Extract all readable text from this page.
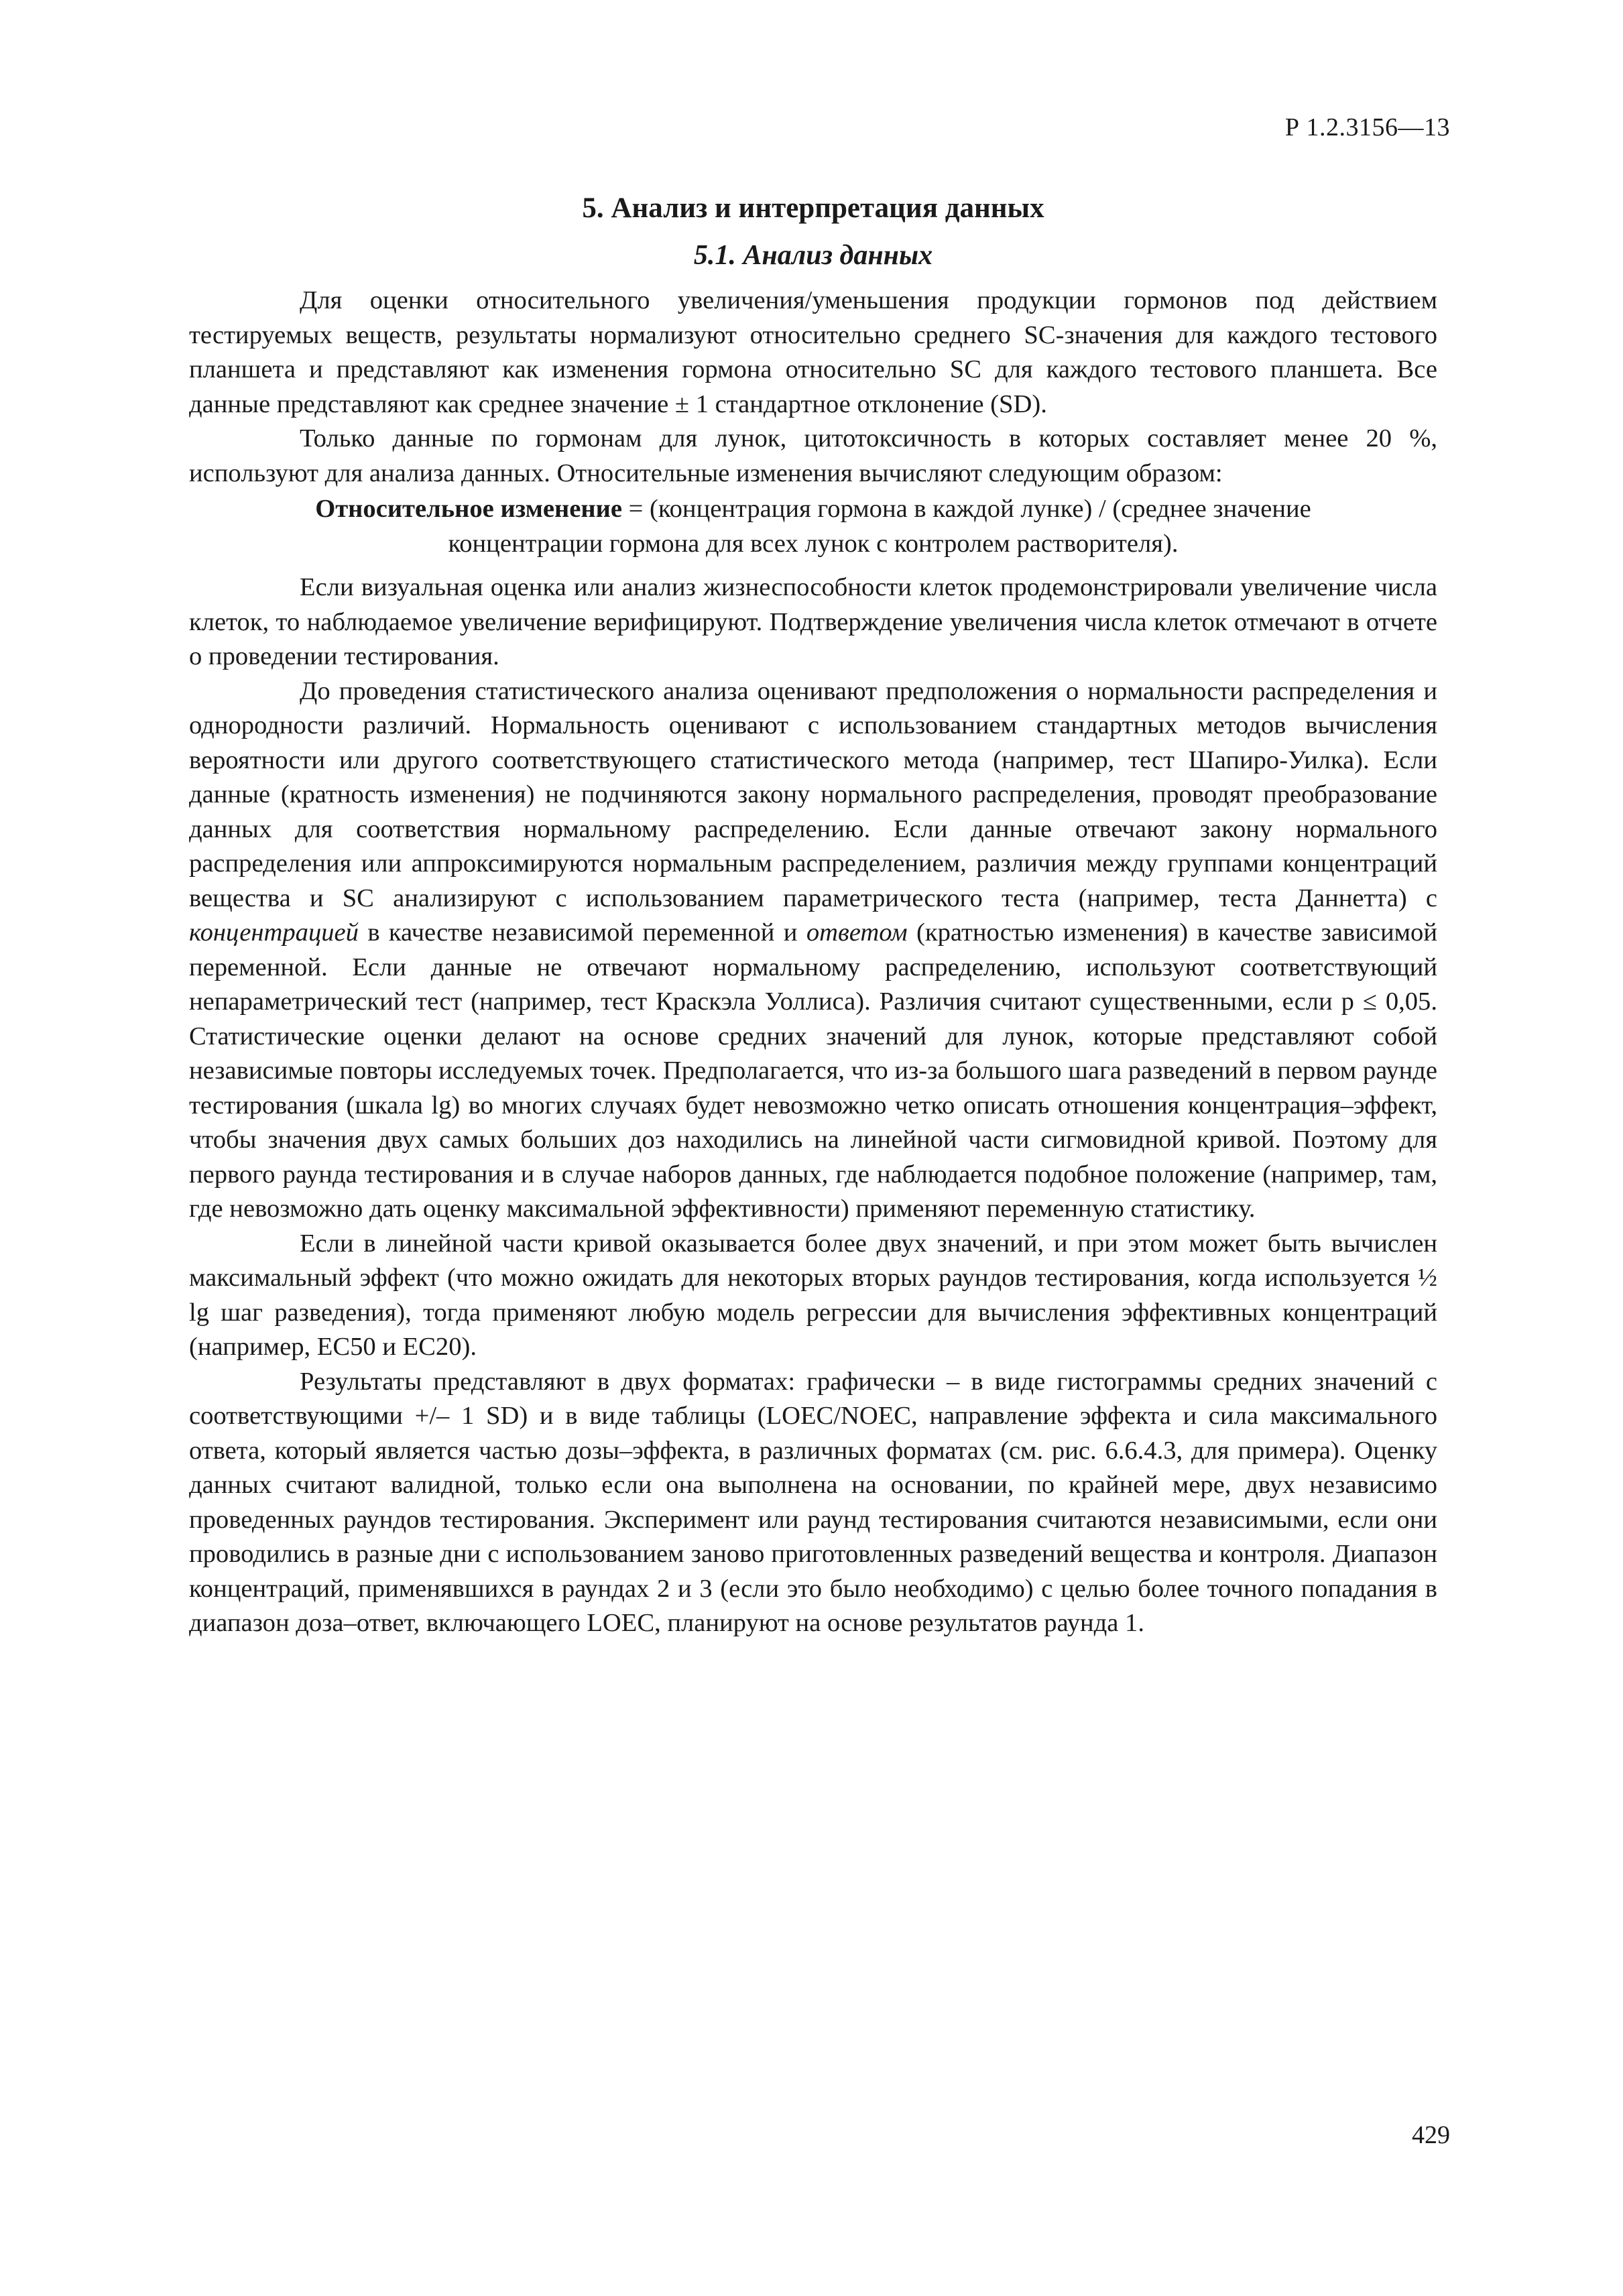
Р 1.2.3156—13
5. Анализ и интерпретация данных
5.1. Анализ данных

Для оценки относительного увеличения/уменьшения продукции гормонов под действием тестируемых веществ, результаты нормализуют относительно среднего SC-значения для каждого тестового планшета и представляют как изменения гормона относительно SC для каждого тестового планшета. Все данные представляют как среднее значение ± 1 стандартное отклонение (SD).

Только данные по гормонам для лунок, цитотоксичность в которых составляет менее 20 %, используют для анализа данных. Относительные изменения вычисляют следующим образом:

Относительное изменение = (концентрация гормона в каждой лунке) / (среднее значение концентрации гормона для всех лунок с контролем растворителя).

Если визуальная оценка или анализ жизнеспособности клеток продемонстрировали увеличение числа клеток, то наблюдаемое увеличение верифицируют. Подтверждение увеличения числа клеток отмечают в отчете о проведении тестирования.

До проведения статистического анализа оценивают предположения о нормальности распределения и однородности различий. Нормальность оценивают с использованием стандартных методов вычисления вероятности или другого соответствующего статистического метода (например, тест Шапиро-Уилка). Если данные (кратность изменения) не подчиняются закону нормального распределения, проводят преобразование данных для соответствия нормальному распределению. Если данные отвечают закону нормального распределения или аппроксимируются нормальным распределением, различия между группами концентраций вещества и SC анализируют с использованием параметрического теста (например, теста Даннетта) с концентрацией в качестве независимой переменной и ответом (кратностью изменения) в качестве зависимой переменной. Если данные не отвечают нормальному распределению, используют соответствующий непараметрический тест (например, тест Краскэла Уоллиса). Различия считают существенными, если p ≤ 0,05. Статистические оценки делают на основе средних значений для лунок, которые представляют собой независимые повторы исследуемых точек. Предполагается, что из-за большого шага разведений в первом раунде тестирования (шкала lg) во многих случаях будет невозможно четко описать отношения концентрация–эффект, чтобы значения двух самых больших доз находились на линейной части сигмовидной кривой. Поэтому для первого раунда тестирования и в случае наборов данных, где наблюдается подобное положение (например, там, где невозможно дать оценку максимальной эффективности) применяют переменную статистику.

Если в линейной части кривой оказывается более двух значений, и при этом может быть вычислен максимальный эффект (что можно ожидать для некоторых вторых раундов тестирования, когда используется ½ lg шаг разведения), тогда применяют любую модель регрессии для вычисления эффективных концентраций (например, EC50 и EC20).

Результаты представляют в двух форматах: графически – в виде гистограммы средних значений с соответствующими +/– 1 SD) и в виде таблицы (LOEC/NOEC, направление эффекта и сила максимального ответа, который является частью дозы–эффекта, в различных форматах (см. рис. 6.6.4.3, для примера). Оценку данных считают валидной, только если она выполнена на основании, по крайней мере, двух независимо проведенных раундов тестирования. Эксперимент или раунд тестирования считаются независимыми, если они проводились в разные дни с использованием заново приготовленных разведений вещества и контроля. Диапазон концентраций, применявшихся в раундах 2 и 3 (если это было необходимо) с целью более точного попадания в диапазон доза–ответ, включающего LOEC, планируют на основе результатов раунда 1.

429
